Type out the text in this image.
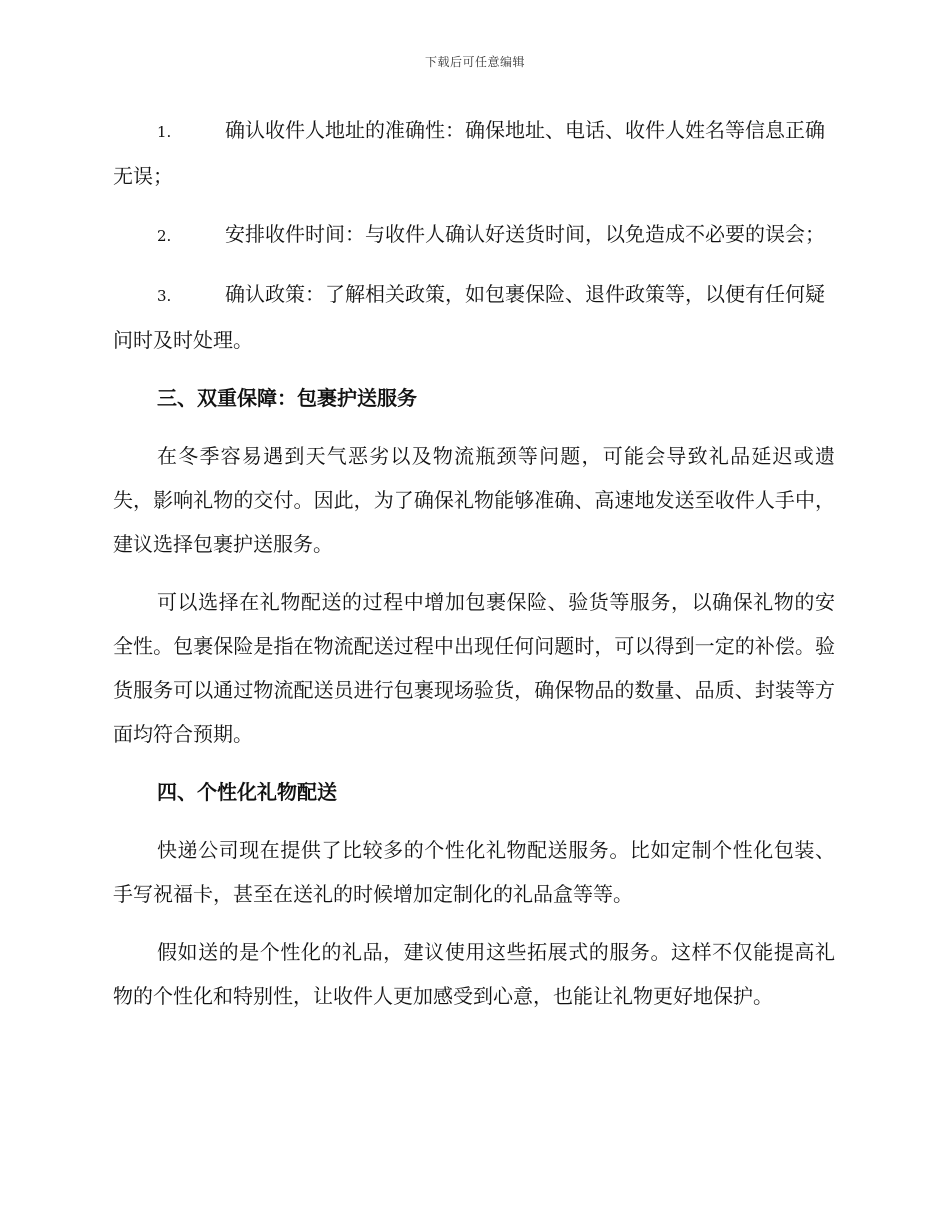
下载后可任意编辑
1.	确认收件人地址的准确性：确保地址、电话、收件人姓名等信息正确无误；
2.	安排收件时间：与收件人确认好送货时间，以免造成不必要的误会；
3.	确认政策：了解相关政策，如包裹保险、退件政策等，以便有任何疑问时及时处理。
三、双重保障：包裹护送服务

在冬季容易遇到天气恶劣以及物流瓶颈等问题，可能会导致礼品延迟或遗失，影响礼物的交付。因此，为了确保礼物能够准确、高速地发送至收件人手中，建议选择包裹护送服务。

可以选择在礼物配送的过程中增加包裹保险、验货等服务，以确保礼物的安全性。包裹保险是指在物流配送过程中出现任何问题时，可以得到一定的补偿。验货服务可以通过物流配送员进行包裹现场验货，确保物品的数量、品质、封装等方面均符合预期。

四、个性化礼物配送

快递公司现在提供了比较多的个性化礼物配送服务。比如定制个性化包装、手写祝福卡，甚至在送礼的时候增加定制化的礼品盒等等。

假如送的是个性化的礼品，建议使用这些拓展式的服务。这样不仅能提高礼物的个性化和特别性，让收件人更加感受到心意，也能让礼物更好地保护。
